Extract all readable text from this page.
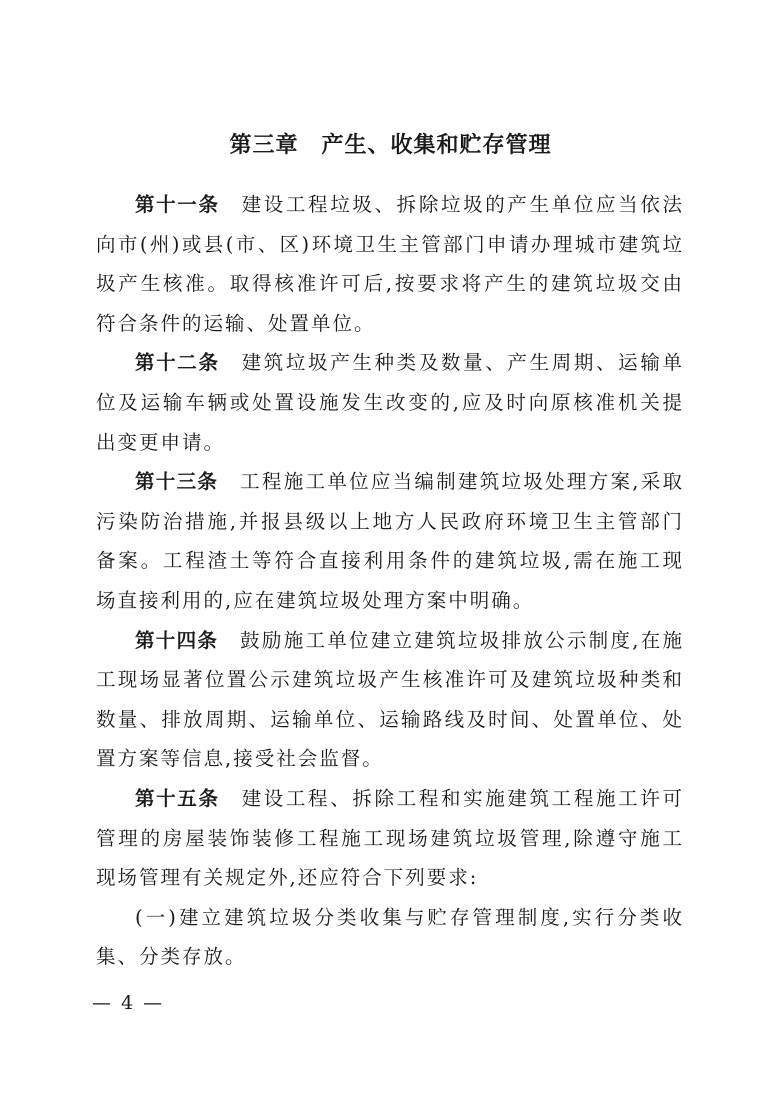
第三章　产生、收集和贮存管理

第十一条 建设工程垃圾、拆除垃圾的产生单位应当依法向市(州)或县(市、区)环境卫生主管部门申请办理城市建筑垃圾产生核准。取得核准许可后,按要求将产生的建筑垃圾交由符合条件的运输、处置单位。

第十二条 建筑垃圾产生种类及数量、产生周期、运输单位及运输车辆或处置设施发生改变的,应及时向原核准机关提出变更申请。

第十三条 工程施工单位应当编制建筑垃圾处理方案,采取污染防治措施,并报县级以上地方人民政府环境卫生主管部门备案。工程渣土等符合直接利用条件的建筑垃圾,需在施工现场直接利用的,应在建筑垃圾处理方案中明确。

第十四条 鼓励施工单位建立建筑垃圾排放公示制度,在施工现场显著位置公示建筑垃圾产生核准许可及建筑垃圾种类和数量、排放周期、运输单位、运输路线及时间、处置单位、处置方案等信息,接受社会监督。

第十五条 建设工程、拆除工程和实施建筑工程施工许可管理的房屋装饰装修工程施工现场建筑垃圾管理,除遵守施工现场管理有关规定外,还应符合下列要求:

(一)建立建筑垃圾分类收集与贮存管理制度,实行分类收集、分类存放。

— 4 —
